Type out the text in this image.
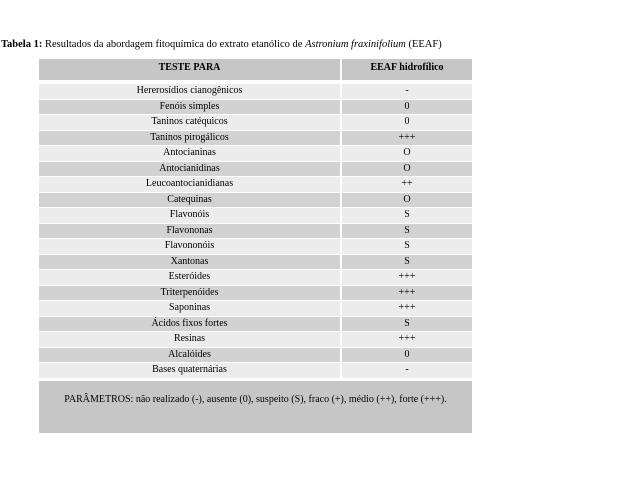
Tabela 1: Resultados da abordagem fitoquímica do extrato etanólico de Astronium fraxinifolium (EEAF)
TESTE PARA	EEAF hidrofílico
Hererosídios cianogênicos	-
Fenóis simples	0
Taninos catéquicos	0
Taninos pirogálicos	+++
Antocianinas	O
Antocianidinas	O
Leucoantocianidianas	++
Catequinas	O
Flavonóis	S
Flavononas	S
Flavononóis	S
Xantonas	S
Esteróides	+++
Triterpenóides	+++
Saponinas	+++
Ácidos fixos fortes	S
Resinas	+++
Alcalóides	0
Bases quaternárias	-
PARÂMETROS: não realizado (-), ausente (0), suspeito (S), fraco (+), médio (++), forte (+++).
